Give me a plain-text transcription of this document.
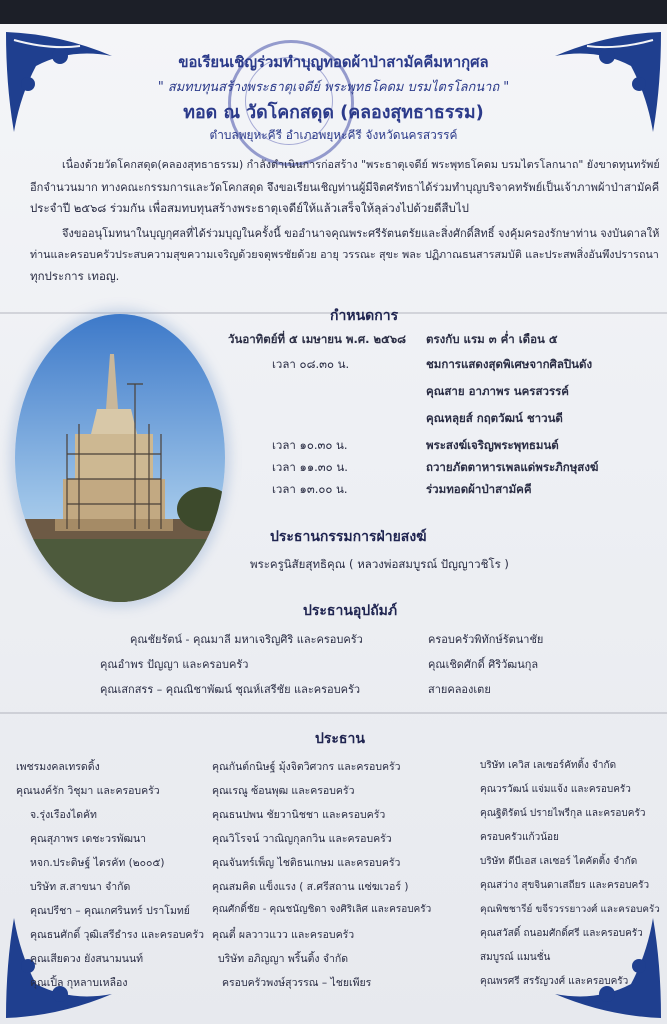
ขอเรียนเชิญร่วมทำบุญทอดผ้าป่าสามัคคีมหากุศล
" สมทบทุนสร้างพระธาตุเจดีย์ พระพุทธโคดม บรมไตรโลกนาถ "
ทอด ณ วัดโคกสดุด (คลองสุทธาธรรม)
ตำบลพยุหะคีรี อำเภอพยุหะคีรี จังหวัดนครสวรรค์
เนื่องด้วยวัดโคกสดุด(คลองสุทธาธรรม) กำลังดำเนินการก่อสร้าง "พระธาตุเจดีย์ พระพุทธโคดม บรมไตรโลกนาถ" ยังขาดทุนทรัพย์
อีกจำนวนมาก ทางคณะกรรมการและวัดโคกสดุด จึงขอเรียนเชิญท่านผู้มีจิตศรัทธาได้ร่วมทำบุญบริจาคทรัพย์เป็นเจ้าภาพผ้าป่าสามัคคี
ประจำปี ๒๕๖๘ ร่วมกัน เพื่อสมทบทุนสร้างพระธาตุเจดีย์ให้แล้วเสร็จให้ลุล่วงไปด้วยดีสืบไป
จึงขออนุโมทนาในบุญกุศลที่ได้ร่วมบุญในครั้งนี้ ขออำนาจคุณพระศรีรัตนตรัยและสิ่งศักดิ์สิทธิ์ จงคุ้มครองรักษาท่าน จงบันดาลให้
ท่านและครอบครัวประสบความสุขความเจริญด้วยจตุพรชัยด้วย อายุ วรรณะ สุขะ พละ ปฏิภาณธนสารสมบัติ และประสพสิ่งอันพึงปรารถนา
ทุกประการ เทอญ.
กำหนดการ
วันอาทิตย์ที่ ๕ เมษายน พ.ศ. ๒๕๖๘ ตรงกับ แรม ๓ ค่ำ เดือน ๕
เวลา ๐๘.๓๐ น.	ชมการแสดงสุดพิเศษจากศิลปินดัง
คุณสาย อาภาพร นครสวรรค์
คุณหลุยส์ กฤตวัฒน์ ชาวนดี
เวลา ๑๐.๓๐ น.	พระสงฆ์เจริญพระพุทธมนต์
เวลา ๑๑.๓๐ น.	ถวายภัตตาหารเพลแด่พระภิกษุสงฆ์
เวลา ๑๓.๐๐ น.	ร่วมทอดผ้าป่าสามัคคี
ประธานกรรมการฝ่ายสงฆ์
พระครูนิสัยสุทธิคุณ ( หลวงพ่อสมบูรณ์ ปัญญาวชิโร )
ประธานอุปถัมภ์
คุณชัยรัตน์ - คุณมาลี มหาเจริญศิริ และครอบครัว
คุณอำพร ปัญญา และครอบครัว
คุณเสกสรร – คุณณิชาพัฒน์ ชุณห์เสรีชัย และครอบครัว
ครอบครัวพิทักษ์รัตนาชัย
คุณเชิดศักดิ์ ศิริวัฒนกุล
สายคลองเตย
ประธาน
เพชรมงคลเทรดดิ้ง
คุณนงค์รัก วิชุมา และครอบครัว
จ.รุ่งเรืองไดคัท
คุณสุภาพร เดชะวรพัฒนา
หจก.ประดิษฐ์ ไดรคัท (๒๐๐๕)
บริษัท ส.สาขนา จำกัด
คุณปรีชา – คุณเกศรินทร์ ปราโมทย์
คุณธนศักดิ์ วุฒิเสรีธำรง และครอบครัว
คุณเสียดวง ยังสนามนนท์
คุณเปิ้ล กุหลาบเหลือง
คุณกันต์กนิษฐ์ มุ้งจิตวิศวกร และครอบครัว
คุณเรณู ซ้อนพุฒ และครอบครัว
คุณธนปพน ชัยวานิชชา และครอบครัว
คุณวิโรจน์ วาณิญกุลกวิน และครอบครัว
คุณจันทร์เพ็ญ ไชติธนเกษม และครอบครัว
คุณสมคิด แข็งแรง ( ส.ศรีสถาน แซ่ฆเวอร์ )
คุณศักดิ์ชัย - คุณชนัญชิดา จงศิริเลิศ และครอบครัว
คุณตี๋ ผลวาวแวว และครอบครัว
บริษัท อภิญญา พริ้นติ้ง จำกัด
ครอบครัวพงษ์สุวรรณ – ไชยเพียร
บริษัท เควิส เลเซอร์คัทติ้ง จำกัด
คุณวรวัฒน์ แจ่มแจ้ง และครอบครัว
คุณฐิติรัตน์ ปรายไพรีกุล และครอบครัว
ครอบครัวแก้วน้อย
บริษัท ดีบีเอส เลเซอร์ ไดคัตติ้ง จำกัด
คุณสว่าง สุขจินดาเสถียร และครอบครัว
คุณพิชชารีย์ ขจีรวรรยาวงศ์ และครอบครัว
คุณสวัสดิ์ ถนอมศักดิ์ศรี และครอบครัว
สมบูรณ์ แมนชั่น
คุณพรศรี สรรัญวงศ์ และครอบครัว
